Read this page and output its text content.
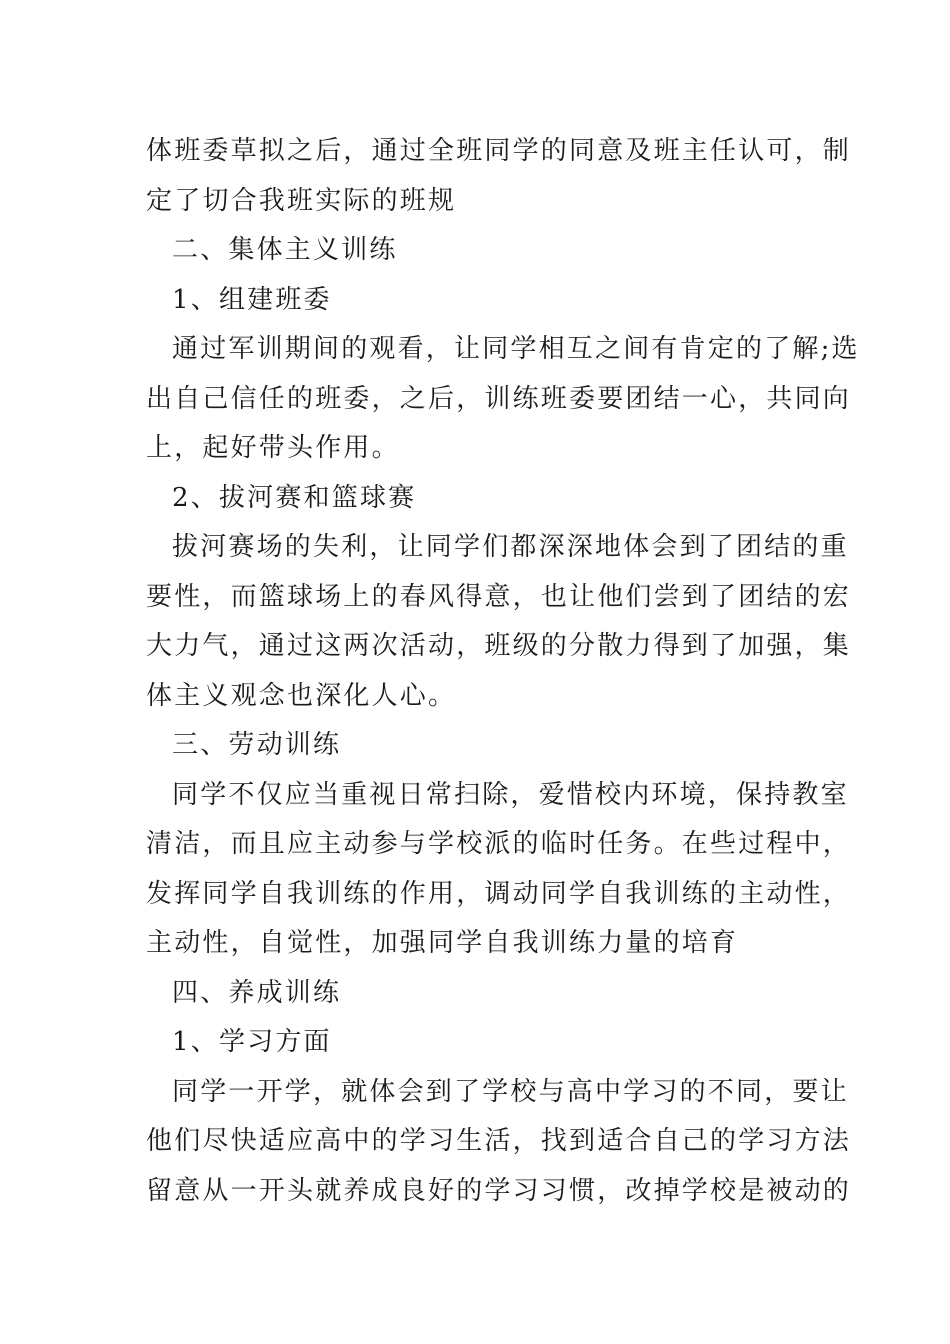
体班委草拟之后，通过全班同学的同意及班主任认可，制

定了切合我班实际的班规

二、集体主义训练

1、组建班委

通过军训期间的观看，让同学相互之间有肯定的了解;选

出自己信任的班委，之后，训练班委要团结一心，共同向

上，起好带头作用。

2、拔河赛和篮球赛

拔河赛场的失利，让同学们都深深地体会到了团结的重

要性，而篮球场上的春风得意，也让他们尝到了团结的宏

大力气，通过这两次活动，班级的分散力得到了加强，集

体主义观念也深化人心。

三、劳动训练

同学不仅应当重视日常扫除，爱惜校内环境，保持教室

清洁，而且应主动参与学校派的临时任务。在些过程中，

发挥同学自我训练的作用，调动同学自我训练的主动性，

主动性，自觉性，加强同学自我训练力量的培育

四、养成训练

1、学习方面

同学一开学，就体会到了学校与高中学习的不同，要让

他们尽快适应高中的学习生活，找到适合自己的学习方法

留意从一开头就养成良好的学习习惯，改掉学校是被动的
